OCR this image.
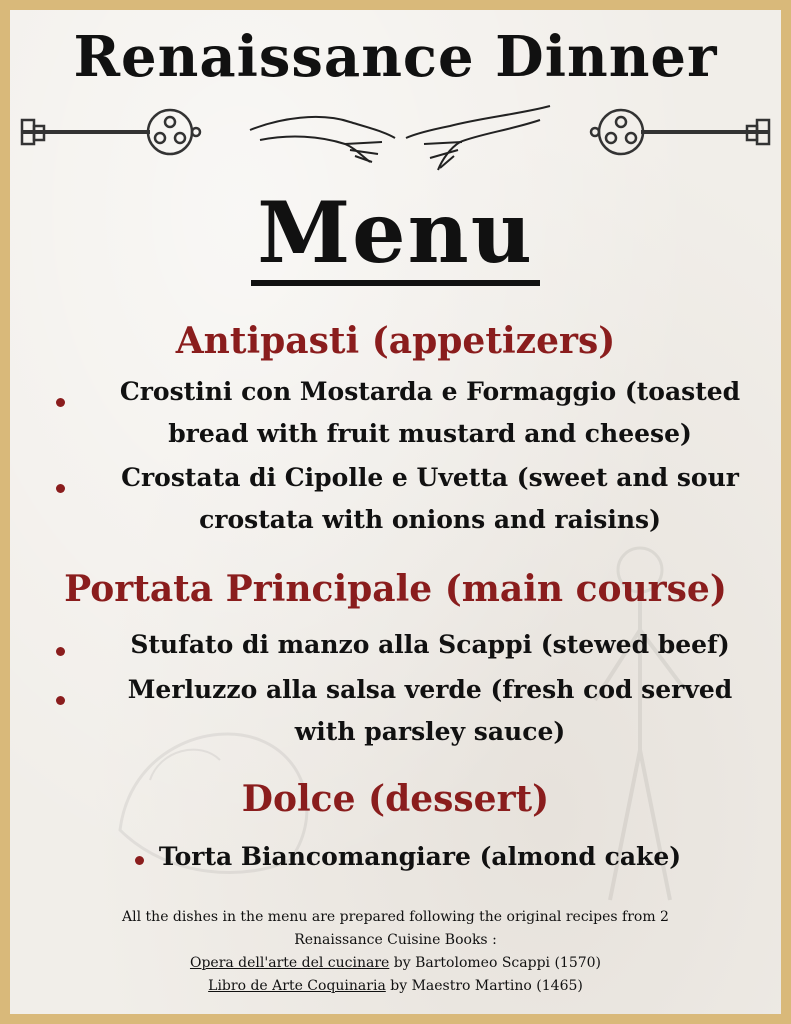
Renaissance Dinner
Menu
Antipasti (appetizers)
Crostini con Mostarda e Formaggio (toasted
bread with fruit mustard and cheese)
Crostata di Cipolle e Uvetta (sweet and sour
crostata with onions and raisins)
Portata Principale (main course)
Stufato di manzo alla Scappi (stewed beef)
Merluzzo alla salsa verde (fresh cod served
with parsley sauce)
Dolce (dessert)
Torta Biancomangiare (almond cake)
All the dishes in the menu are prepared following the original recipes from 2
Renaissance Cuisine Books :
Opera dell'arte del cucinare by Bartolomeo Scappi (1570)
Libro de Arte Coquinaria by Maestro Martino (1465)
